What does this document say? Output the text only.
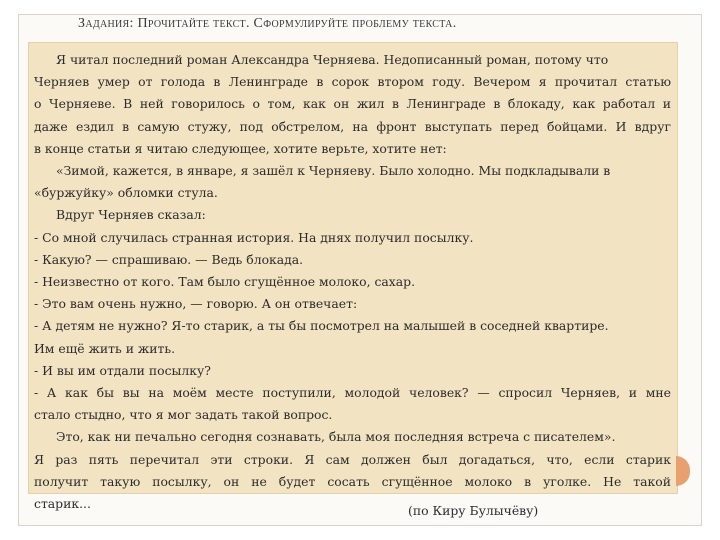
Задания: Прочитайте текст. Сформулируйте проблему текста.
Я читал последний роман Александра Черняева. Недописанный роман, потому что
Черняев умер от голода в Ленинграде в сорок втором году. Вечером я прочитал статью
о Черняеве. В ней говорилось о том, как он жил в Ленинграде в блокаду, как работал и
даже ездил в самую стужу, под обстрелом, на фронт выступать перед бойцами. И вдруг
в конце статьи я читаю следующее, хотите верьте, хотите нет:
«Зимой, кажется, в январе, я зашёл к Черняеву. Было холодно. Мы подкладывали в
«буржуйку» обломки стула.
Вдруг Черняев сказал:
- Со мной случилась странная история. На днях получил посылку.
- Какую? — спрашиваю. — Ведь блокада.
- Неизвестно от кого. Там было сгущённое молоко, сахар.
- Это вам очень нужно, — говорю. А он отвечает:
- А детям не нужно? Я-то старик, а ты бы посмотрел на малышей в соседней квартире.
Им ещё жить и жить.
- И вы им отдали посылку?
- А как бы вы на моём месте поступили, молодой человек? — спросил Черняев, и мне
стало стыдно, что я мог задать такой вопрос.
Это, как ни печально сегодня сознавать, была моя последняя встреча с писателем».
Я раз пять перечитал эти строки. Я сам должен был догадаться, что, если старик
получит такую посылку, он не будет сосать сгущённое молоко в уголке. Не такой
старик...	(по Киру Булычёву)
